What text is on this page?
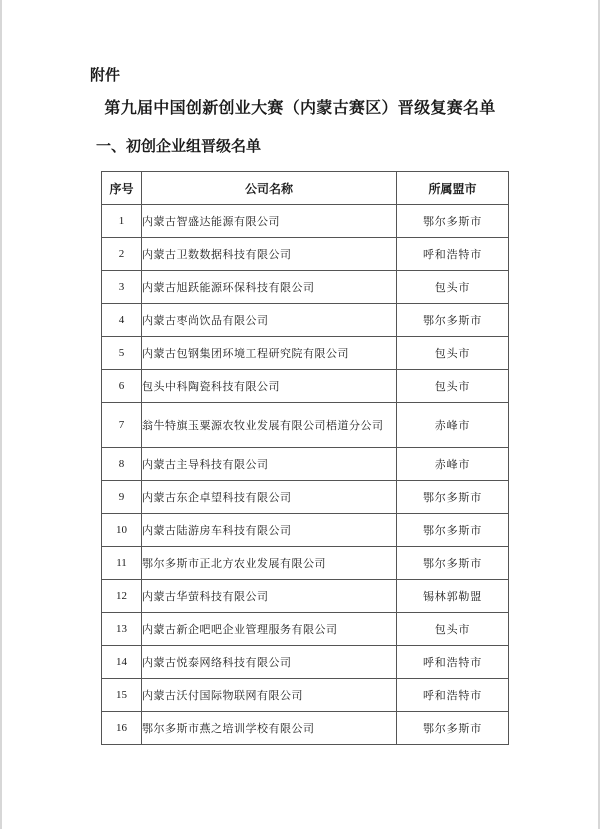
附件
第九届中国创新创业大赛（内蒙古赛区）晋级复赛名单
一、初创企业组晋级名单
序号	公司名称	所属盟市
1	内蒙古智盛达能源有限公司	鄂尔多斯市
2	内蒙古卫数数据科技有限公司	呼和浩特市
3	内蒙古旭跃能源环保科技有限公司	包头市
4	内蒙古枣尚饮品有限公司	鄂尔多斯市
5	内蒙古包钢集团环境工程研究院有限公司	包头市
6	包头中科陶瓷科技有限公司	包头市
7	翁牛特旗玉粟源农牧业发展有限公司梧道分公司	赤峰市
8	内蒙古主导科技有限公司	赤峰市
9	内蒙古东企卓望科技有限公司	鄂尔多斯市
10	内蒙古陆游房车科技有限公司	鄂尔多斯市
11	鄂尔多斯市正北方农业发展有限公司	鄂尔多斯市
12	内蒙古华萤科技有限公司	锡林郭勒盟
13	内蒙古新企吧吧企业管理服务有限公司	包头市
14	内蒙古悦泰网络科技有限公司	呼和浩特市
15	内蒙古沃付国际物联网有限公司	呼和浩特市
16	鄂尔多斯市燕之培训学校有限公司	鄂尔多斯市
